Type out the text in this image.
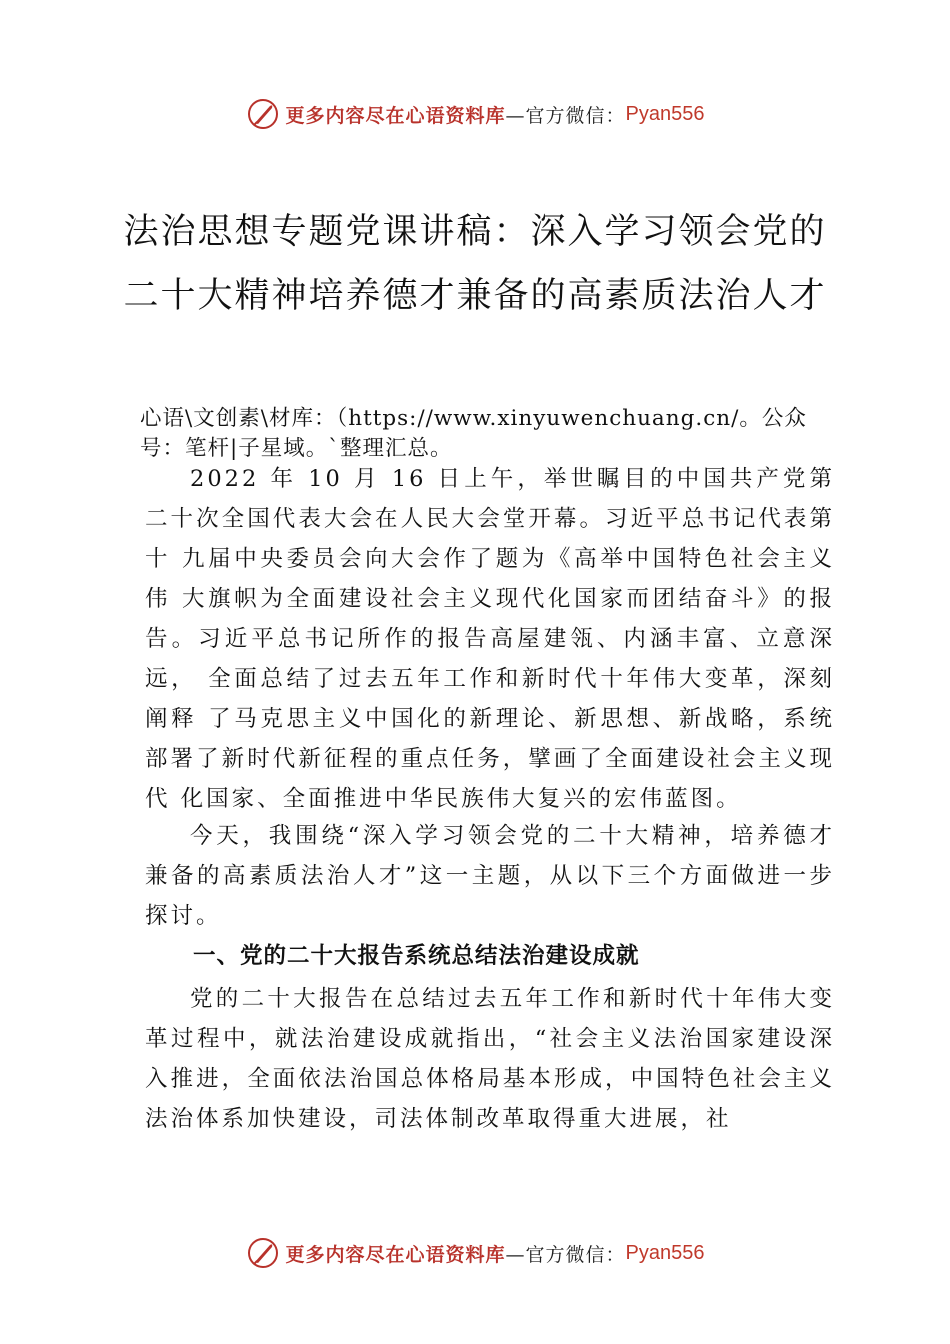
更多内容尽在心语资料库 —官方微信： Pyan556
法治思想专题党课讲稿：深入学习领会党的二十大精神培养德才兼备的高素质法治人才
心语\文创素\材库：（https://www.xinyuwenchuang.cn/。公众号：笔杆|子星域。`整理汇总。

2022 年 10 月 16 日上午，举世瞩目的中国共产党第二十次全国代表大会在人民大会堂开幕。习近平总书记代表第十 九届中央委员会向大会作了题为《高举中国特色社会主义伟 大旗帜为全面建设社会主义现代化国家而团结奋斗》的报告。习近平总书记所作的报告高屋建瓴、内涵丰富、立意深远， 全面总结了过去五年工作和新时代十年伟大变革，深刻阐释 了马克思主义中国化的新理论、新思想、新战略，系统部署了新时代新征程的重点任务，擘画了全面建设社会主义现代 化国家、全面推进中华民族伟大复兴的宏伟蓝图。

今天，我围绕“深入学习领会党的二十大精神，培养德才兼备的高素质法治人才”这一主题，从以下三个方面做进一步探讨。

一、党的二十大报告系统总结法治建设成就

党的二十大报告在总结过去五年工作和新时代十年伟大变革过程中，就法治建设成就指出，“社会主义法治国家建设深入推进，全面依法治国总体格局基本形成，中国特色社会主义法治体系加快建设，司法体制改革取得重大进展，社

更多内容尽在心语资料库 —官方微信： Pyan556
